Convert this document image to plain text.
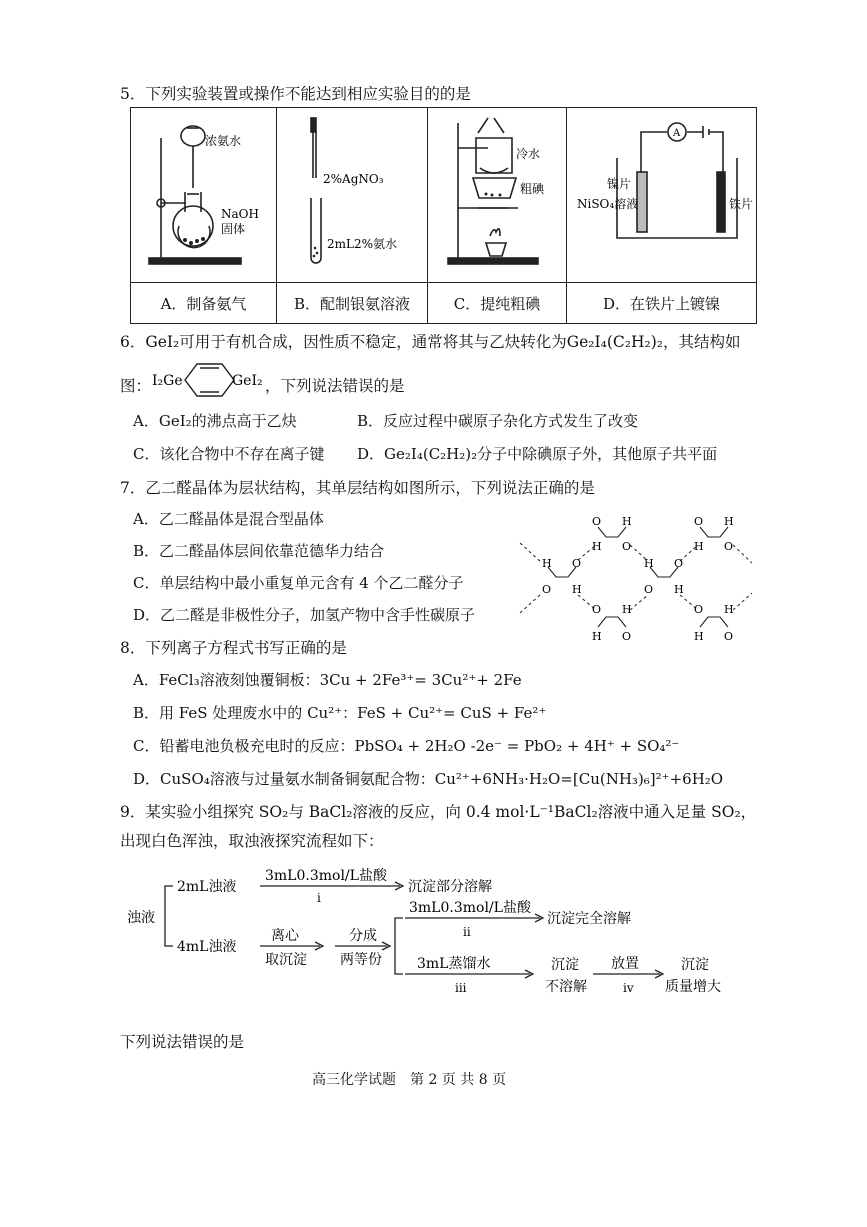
5．下列实验装置或操作不能达到相应实验目的的是
浓氨水
NaOH
固体	2%AgNO₃
2mL2%氨水	冷水
粗碘	A
镍片
NiSO₄溶液 铁片

A．制备氨气	B．配制银氨溶液	C．提纯粗碘	D．在铁片上镀镍
6．GeI₂可用于有机合成，因性质不稳定，通常将其与乙炔转化为Ge₂I₄(C₂H₂)₂，其结构如
图： I₂Ge	GeI₂ ，下列说法错误的是
A．GeI₂的沸点高于乙炔	B．反应过程中碳原子杂化方式发生了改变
C．该化合物中不存在离子键 D．Ge₂I₄(C₂H₂)₂分子中除碘原子外，其他原子共平面
7．乙二醛晶体为层状结构，其单层结构如图所示，下列说法正确的是
A．乙二醛晶体是混合型晶体
B．乙二醛晶体层间依靠范德华力结合
C．单层结构中最小重复单元含有 4 个乙二醛分子
D．乙二醛是非极性分子，加氢产物中含手性碳原子
O H
H O
O H
H O
H O
O H
H O
O H
O H
H O
O H
H O
8．下列离子方程式书写正确的是
A．FeCl₃溶液刻蚀覆铜板：3Cu + 2Fe³⁺= 3Cu²⁺+ 2Fe
B．用 FeS 处理废水中的 Cu²⁺：FeS + Cu²⁺= CuS + Fe²⁺
C．铅蓄电池负极充电时的反应：PbSO₄ + 2H₂O -2e⁻ = PbO₂ + 4H⁺ + SO₄²⁻
D．CuSO₄溶液与过量氨水制备铜氨配合物：Cu²⁺+6NH₃·H₂O=[Cu(NH₃)₆]²⁺+6H₂O
9．某实验小组探究 SO₂与 BaCl₂溶液的反应，向 0.4 mol·L⁻¹BaCl₂溶液中通入足量 SO₂，
出现白色浑浊，取浊液探究流程如下：
浊液
2mL浊液
3mL0.3mol/L盐酸
i
沉淀部分溶解
4mL浊液
离心
取沉淀
分成
两等份
3mL0.3mol/L盐酸
ii
沉淀完全溶解
3mL蒸馏水
iii
沉淀
不溶解
放置
iv
沉淀
质量增大
下列说法错误的是
高三化学试题　第 2 页 共 8 页
